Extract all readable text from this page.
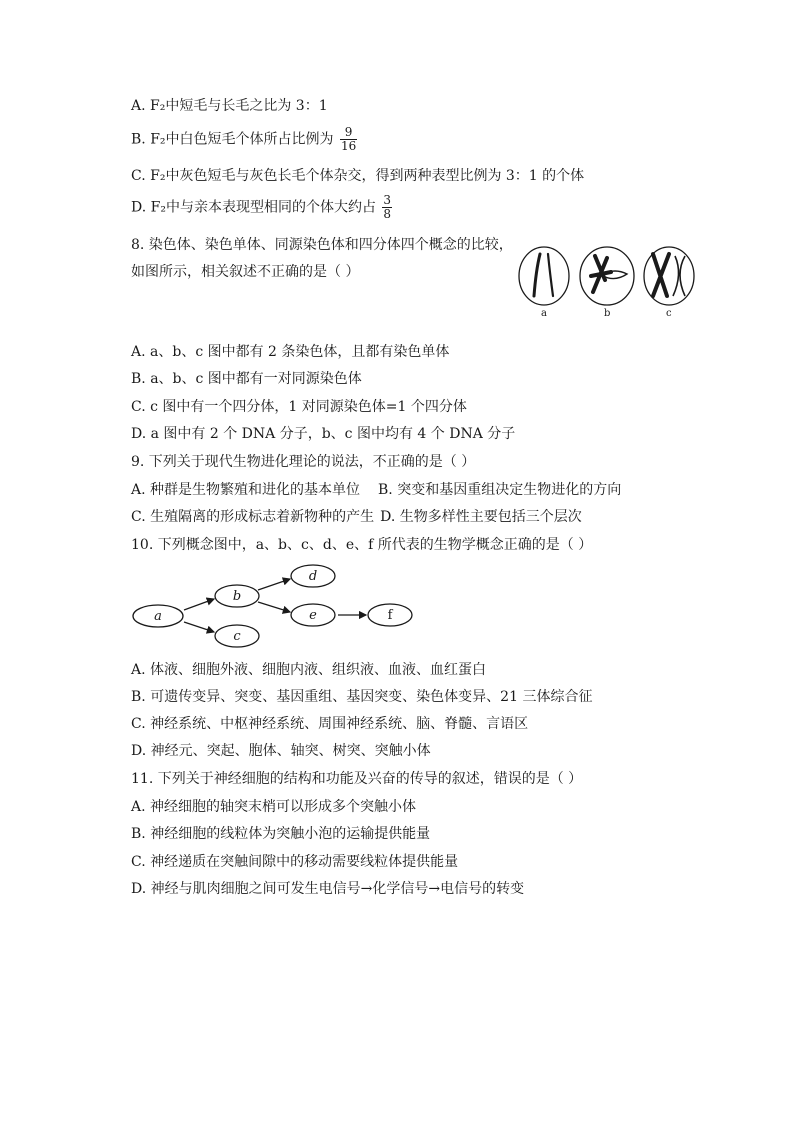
A. F₂中短毛与长毛之比为 3：1
B. F₂中白色短毛个体所占比例为 $\frac{9}{16}$
C. F₂中灰色短毛与灰色长毛个体杂交，得到两种表型比例为 3：1 的个体
D. F₂中与亲本表现型相同的个体大约占 $\frac{3}{8}$
8. 染色体、染色单体、同源染色体和四分体四个概念的比较，
如图所示，相关叙述不正确的是（ ）
a	b	c
A. a、b、c 图中都有 2 条染色体，且都有染色单体
B. a、b、c 图中都有一对同源染色体
C. c 图中有一个四分体，1 对同源染色体=1 个四分体
D. a 图中有 2 个 DNA 分子，b、c 图中均有 4 个 DNA 分子
9. 下列关于现代生物进化理论的说法，不正确的是（ ）
A. 种群是生物繁殖和进化的基本单位 B. 突变和基因重组决定生物进化的方向
C. 生殖隔离的形成标志着新物种的产生 D. 生物多样性主要包括三个层次
10. 下列概念图中，a、b、c、d、e、f 所代表的生物学概念正确的是（ ）
a
b
c
d
e	f
A. 体液、细胞外液、细胞内液、组织液、血液、血红蛋白
B. 可遗传变异、突变、基因重组、基因突变、染色体变异、21 三体综合征
C. 神经系统、中枢神经系统、周围神经系统、脑、脊髓、言语区
D. 神经元、突起、胞体、轴突、树突、突触小体
11. 下列关于神经细胞的结构和功能及兴奋的传导的叙述，错误的是（ ）
A. 神经细胞的轴突末梢可以形成多个突触小体
B. 神经细胞的线粒体为突触小泡的运输提供能量
C. 神经递质在突触间隙中的移动需要线粒体提供能量
D. 神经与肌肉细胞之间可发生电信号→化学信号→电信号的转变
